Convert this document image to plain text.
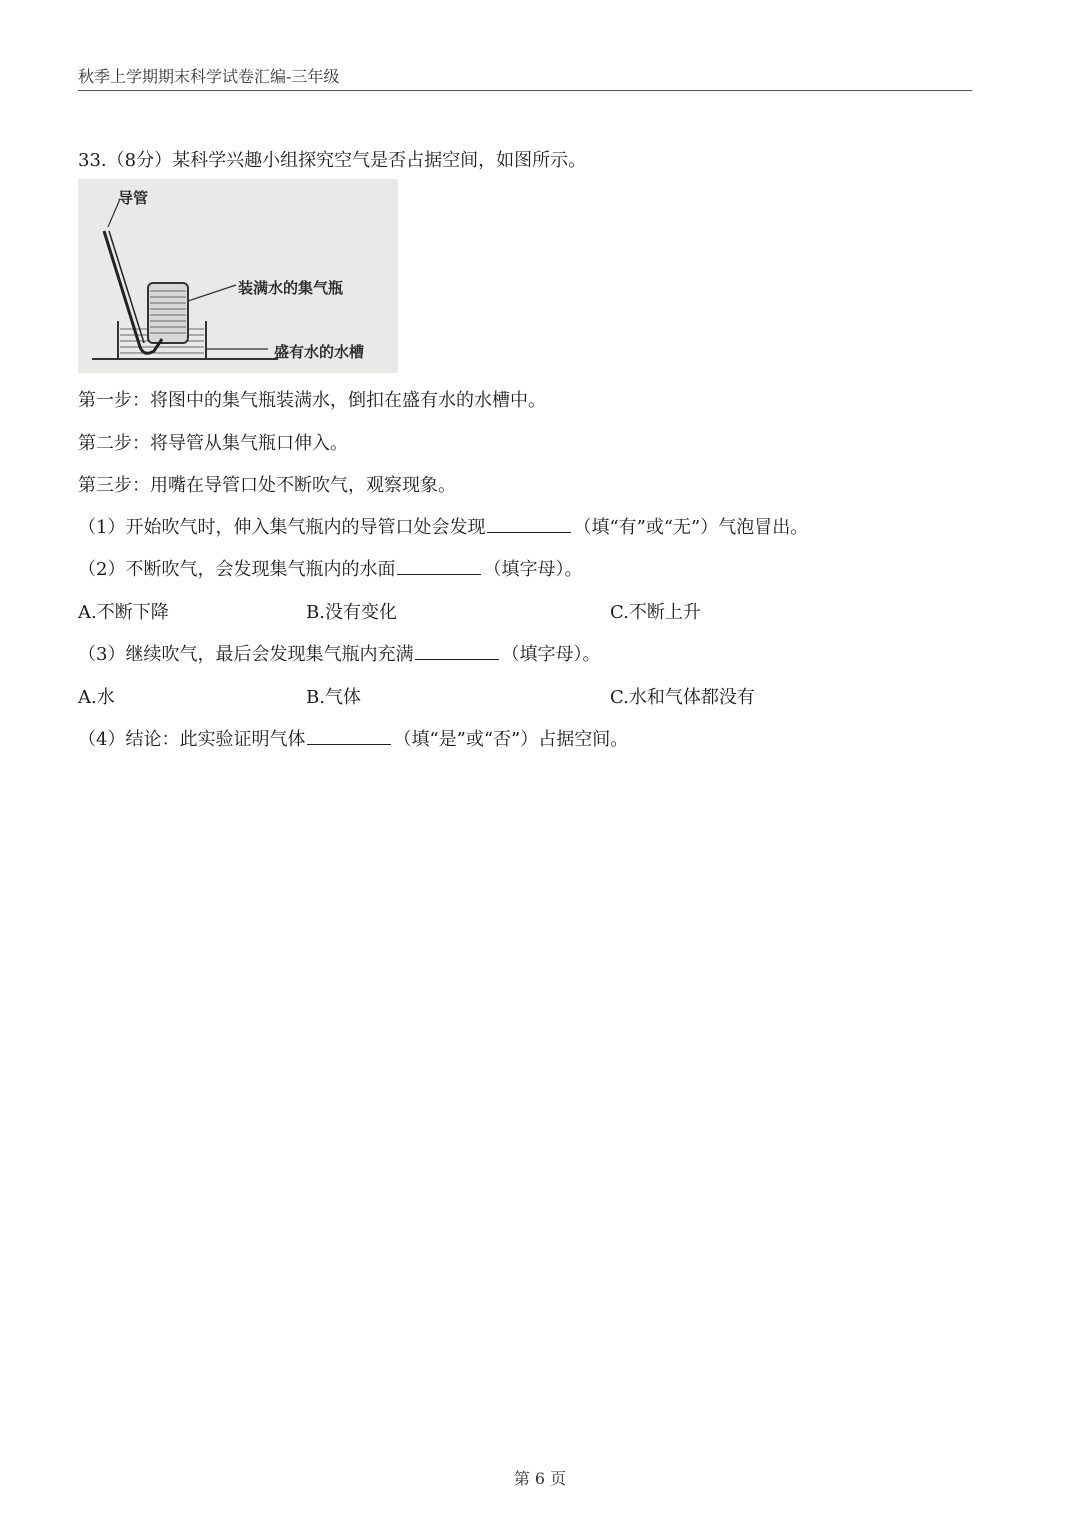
秋季上学期期末科学试卷汇编-三年级
33.（8分）某科学兴趣小组探究空气是否占据空间，如图所示。
导管
装满水的集气瓶
盛有水的水槽
第一步：将图中的集气瓶装满水，倒扣在盛有水的水槽中。
第二步：将导管从集气瓶口伸入。
第三步：用嘴在导管口处不断吹气，观察现象。
（1）开始吹气时，伸入集气瓶内的导管口处会发现	（填“有”或“无”）气泡冒出。
（2）不断吹气，会发现集气瓶内的水面	（填字母）。
A.不断下降	B.没有变化	C.不断上升
（3）继续吹气，最后会发现集气瓶内充满	（填字母）。
A.水	B.气体	C.水和气体都没有
（4）结论：此实验证明气体	（填“是”或“否”）占据空间。
第 6 页
